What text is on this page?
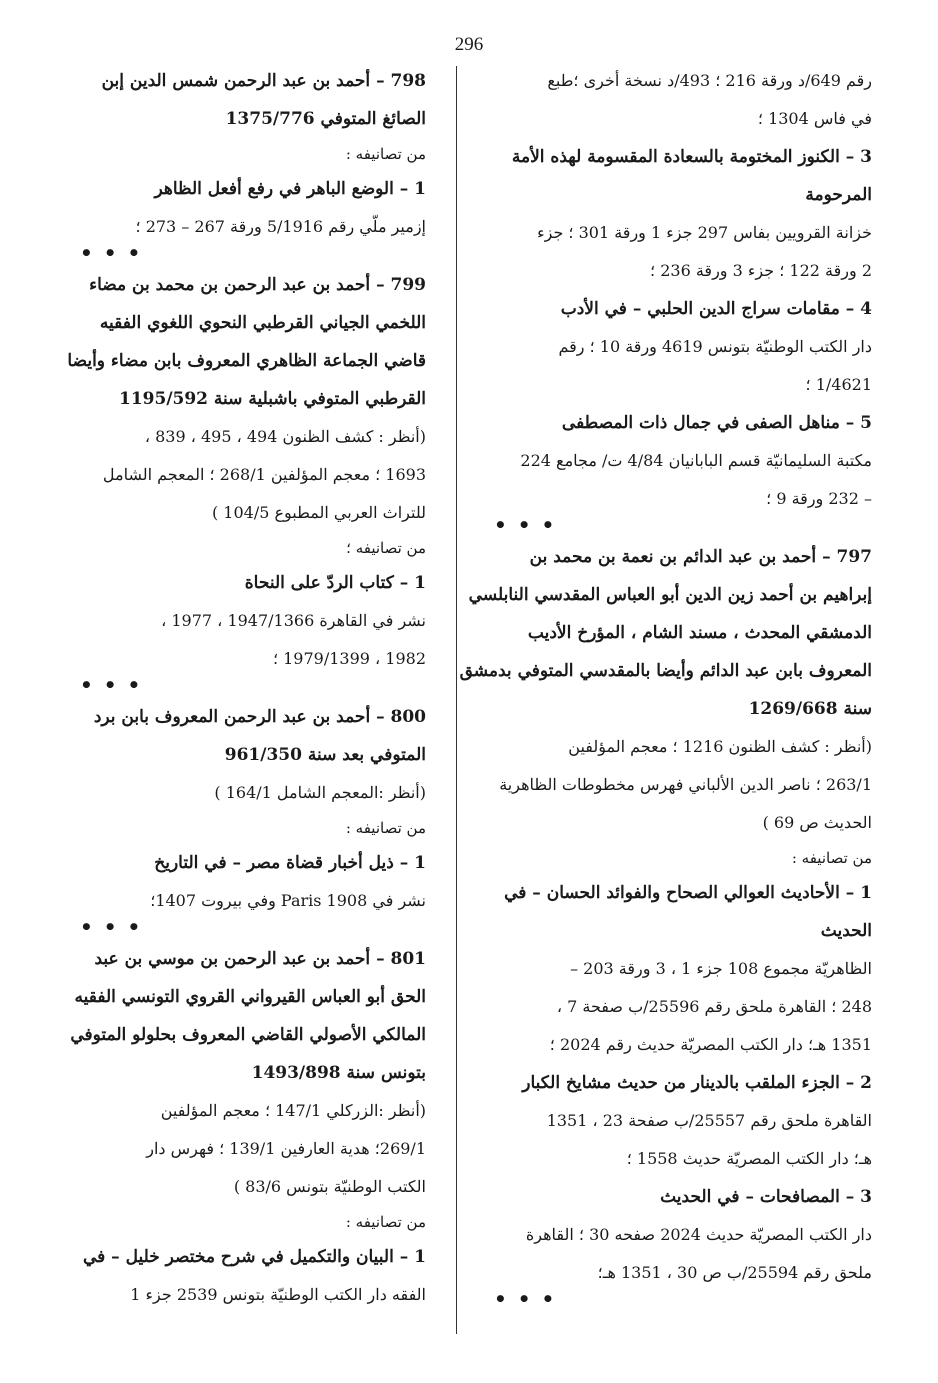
296
رقم 649/د ورقة 216 ؛ 493/د نسخة أخرى ؛طبع
في فاس 1304 ؛
3 – الكنوز المختومة بالسعادة المقسومة لهذه الأمة
المرحومة
خزانة القرويين بفاس 297 جزء 1 ورقة 301 ؛ جزء
2 ورقة 122 ؛ جزء 3 ورقة 236 ؛
4 – مقامات سراج الدين الحلبي – في الأدب
دار الكتب الوطنيّة بتونس 4619 ورقة 10 ؛ رقم
1/4621 ؛
5 – مناهل الصفى في جمال ذات المصطفى
مكتبة السليمانيّة قسم البابانيان 4/84 ت/ مجامع 224
– 232 ورقة 9 ؛
• • •
797 – أحمد بن عبد الدائم بن نعمة بن محمد بن
إبراهيم بن أحمد زين الدين أبو العباس المقدسي النابلسي
الدمشقي المحدث ، مسند الشام ، المؤرخ الأديب
المعروف بابن عبد الدائم وأيضا بالمقدسي المتوفي بدمشق
سنة 1269/668
(أنظر : كشف الظنون 1216 ؛ معجم المؤلفين
263/1 ؛ ناصر الدين الألباني فهرس مخطوطات الظاهرية
الحديث ص 69 )
من تصانيفه :
1 – الأحاديث العوالي الصحاح والفوائد الحسان – في
الحديث
الظاهريّة مجموع 108 جزء 1 ، 3 ورقة 203 –
248 ؛ القاهرة ملحق رقم 25596/ب صفحة 7 ،
1351 هـ؛ دار الكتب المصريّة حديث رقم 2024 ؛
2 – الجزء الملقب بالدينار من حديث مشايخ الكبار
القاهرة ملحق رقم 25557/ب صفحة 23 ، 1351
هـ؛ دار الكتب المصريّة حديث 1558 ؛
3 – المصافحات – في الحديث
دار الكتب المصريّة حديث 2024 صفحه 30 ؛ القاهرة
ملحق رقم 25594/ب ص 30 ، 1351 هـ؛
• • •
798 – أحمد بن عبد الرحمن شمس الدين إبن
الصائغ المتوفي 1375/776
من تصانيفه :
1 – الوضع الباهر في رفع أفعل الظاهر
إزمير ملّي رقم 5/1916 ورقة 267 – 273 ؛
• • •
799 – أحمد بن عبد الرحمن بن محمد بن مضاء
اللخمي الجياني القرطبي النحوي اللغوي الفقيه
قاضي الجماعة الظاهري المعروف بابن مضاء وأيضا
القرطبي المتوفي باشبلية سنة 1195/592
(أنظر : كشف الظنون 494 ، 495 ، 839 ،
1693 ؛ معجم المؤلفين 268/1 ؛ المعجم الشامل
للتراث العربي المطبوع 104/5 )
من تصانيفه ؛
1 – كتاب الردّ على النحاة
نشر في القاهرة 1947/1366 ، 1977 ،
1982 ، 1979/1399 ؛
• • •
800 – أحمد بن عبد الرحمن المعروف بابن برد
المتوفي بعد سنة 961/350
(أنظر :المعجم الشامل 164/1 )
من تصانيفه :
1 – ذيل أخبار قضاة مصر – في التاريخ
نشر في Paris 1908 وفي بيروت 1407؛
• • •
801 – أحمد بن عبد الرحمن بن موسي بن عبد
الحق أبو العباس القيرواني القروي التونسي الفقيه
المالكي الأصولي القاضي المعروف بحلولو المتوفي
بتونس سنة 1493/898
(أنظر :الزركلي 147/1 ؛ معجم المؤلفين
269/1؛ هدية العارفين 139/1 ؛ فهرس دار
الكتب الوطنيّة بتونس 83/6 )
من تصانيفه :
1 – البيان والتكميل في شرح مختصر خليل – في
الفقه دار الكتب الوطنيّة بتونس 2539 جزء 1
